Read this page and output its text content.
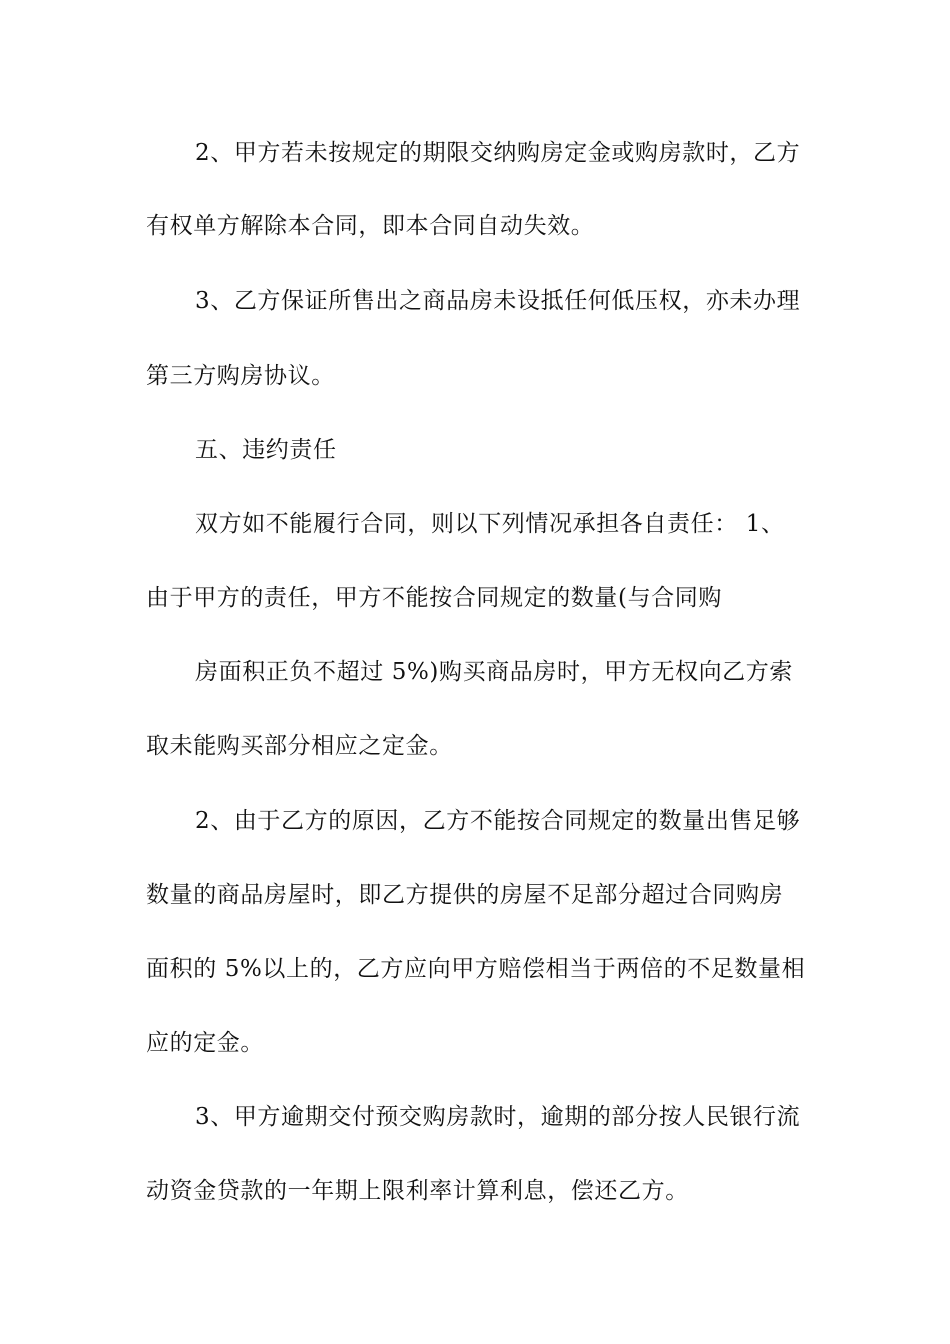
2、甲方若未按规定的期限交纳购房定金或购房款时，乙方
有权单方解除本合同，即本合同自动失效。
3、乙方保证所售出之商品房未设抵任何低压权，亦未办理
第三方购房协议。
五、违约责任
双方如不能履行合同，则以下列情况承担各自责任： 1、
由于甲方的责任，甲方不能按合同规定的数量(与合同购
房面积正负不超过 5%)购买商品房时，甲方无权向乙方索
取未能购买部分相应之定金。
2、由于乙方的原因，乙方不能按合同规定的数量出售足够
数量的商品房屋时，即乙方提供的房屋不足部分超过合同购房
面积的 5%以上的，乙方应向甲方赔偿相当于两倍的不足数量相
应的定金。
3、甲方逾期交付预交购房款时，逾期的部分按人民银行流
动资金贷款的一年期上限利率计算利息，偿还乙方。
